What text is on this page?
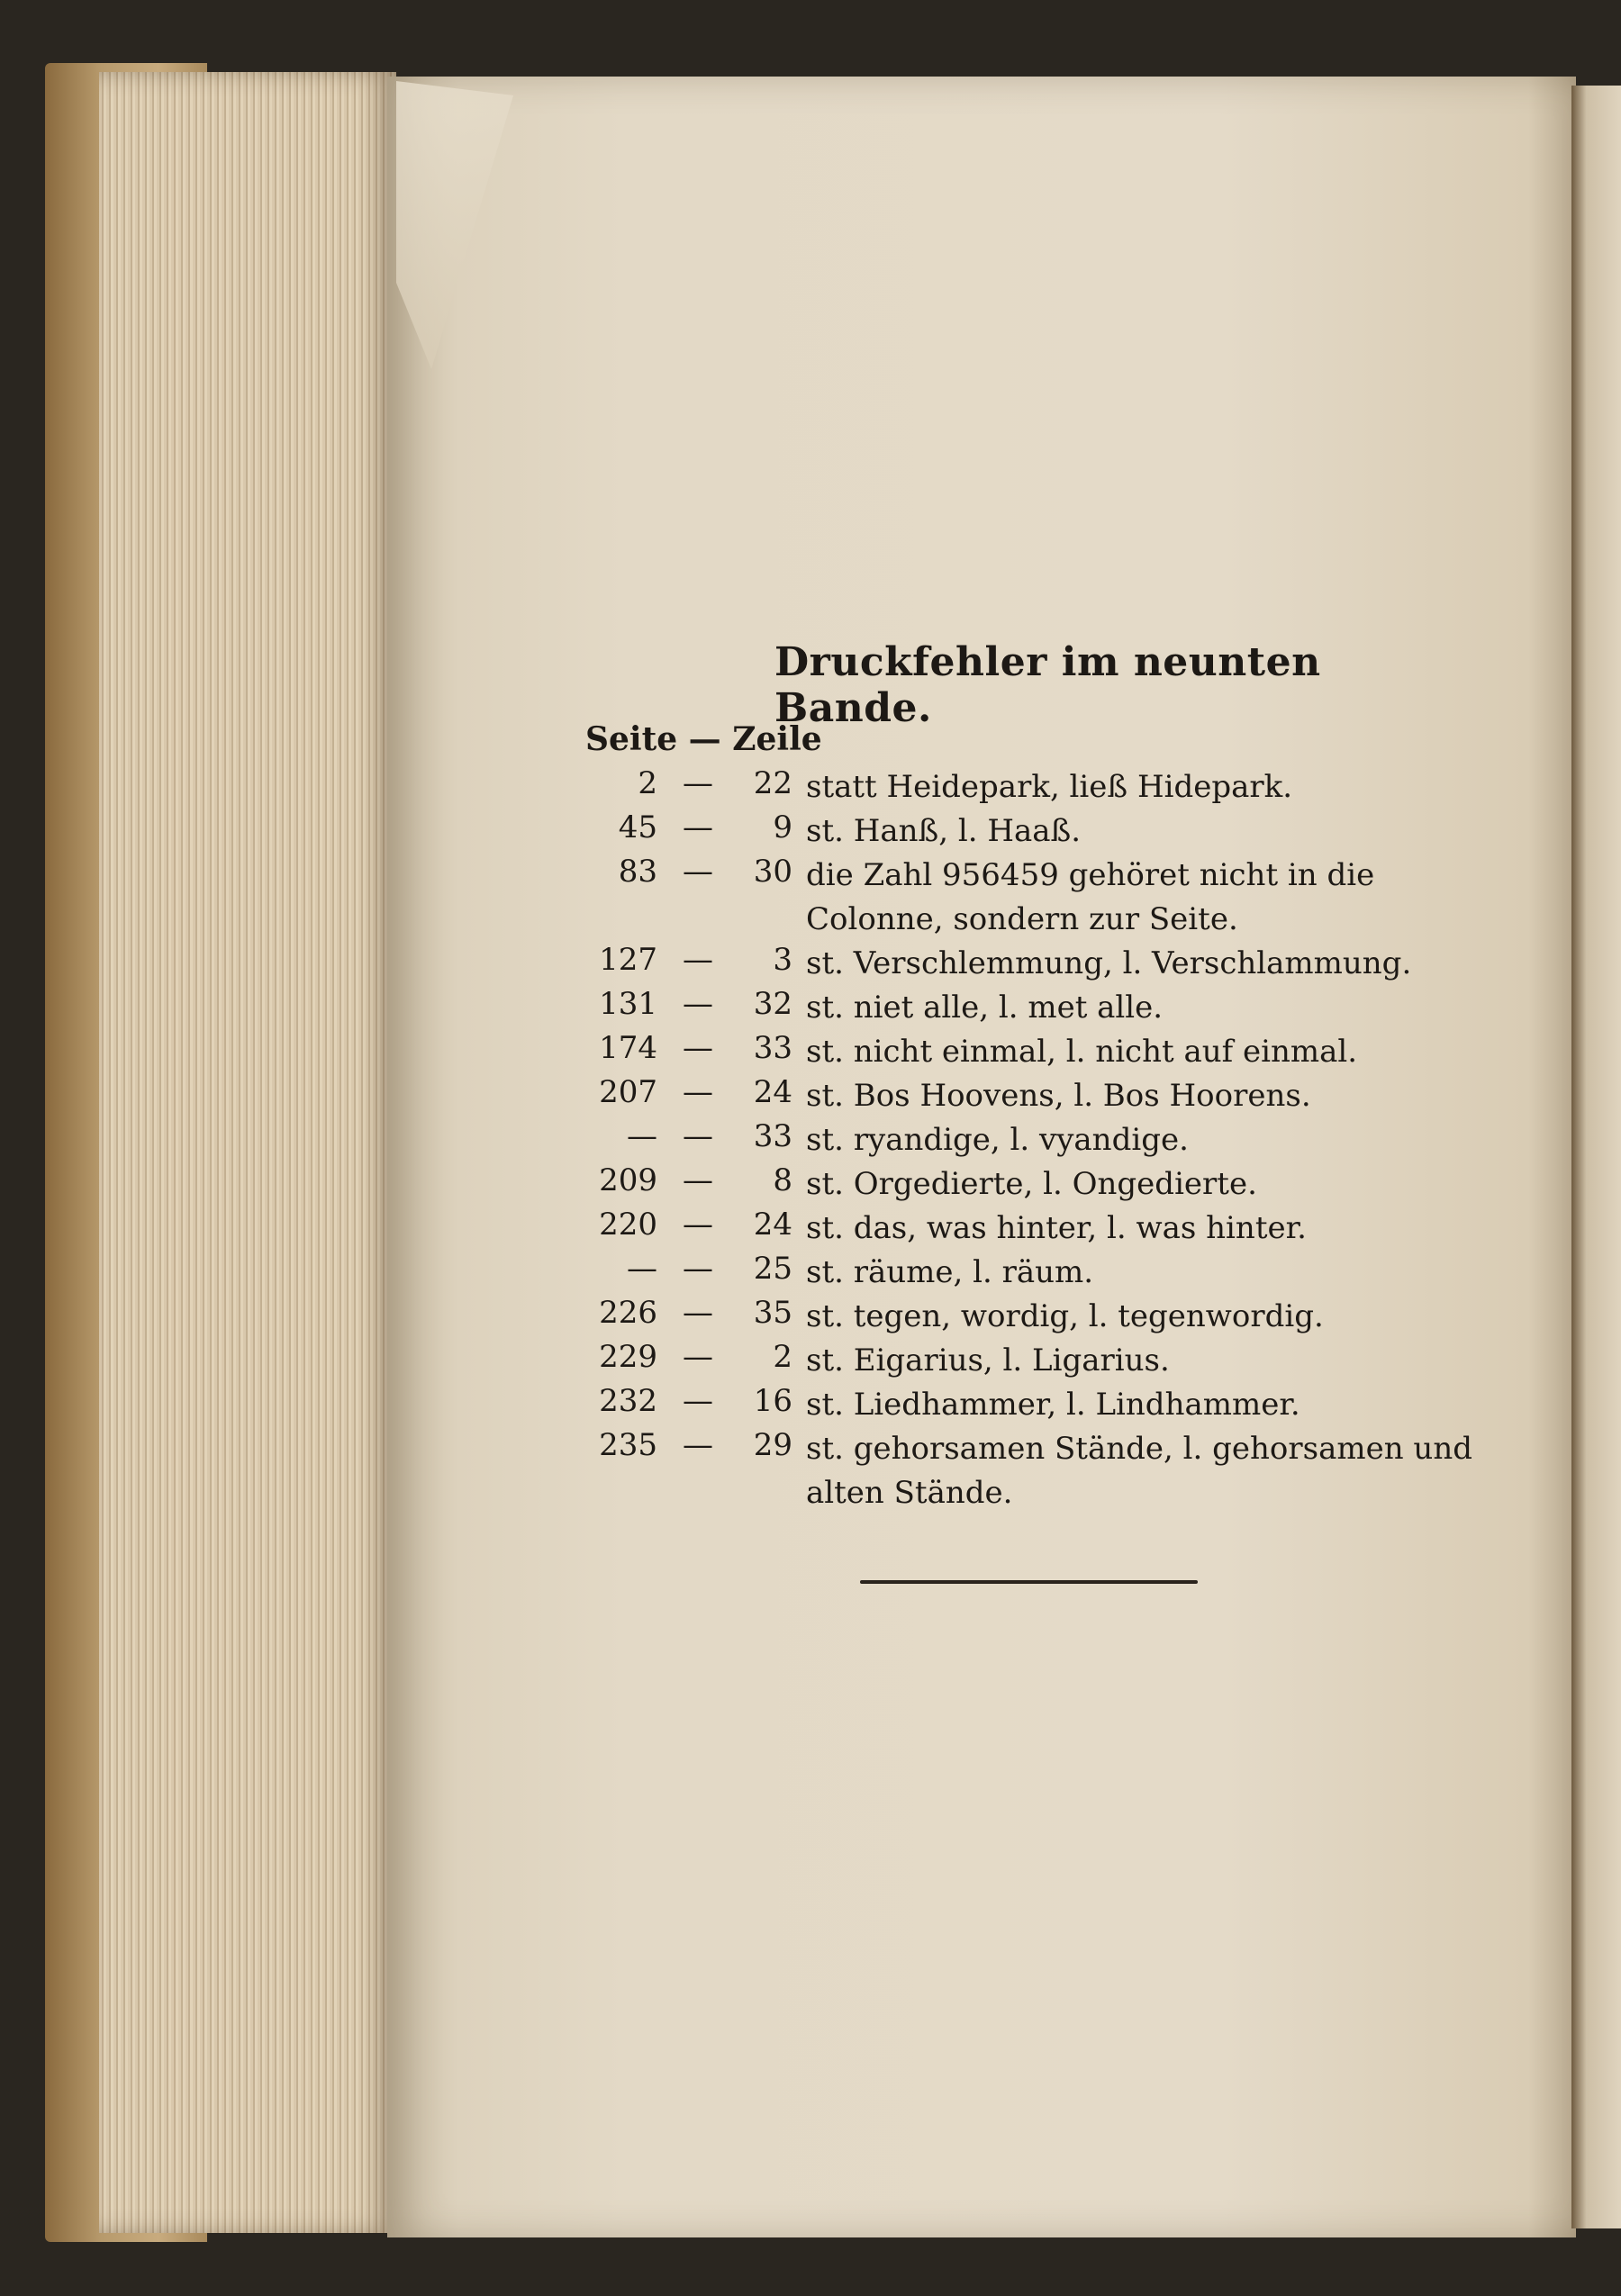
Druckfehler im neunten Bande.
Seite — Zeile
2 —	22 statt Heidepark, ließ Hidepark.
45 —	9 st. Hanß, l. Haaß.
83 —	30 die Zahl 956459 gehöret nicht in die Colonne, sondern zur Seite.
127 —	3 st. Verschlemmung, l. Verschlammung.
131 —	32 st. niet alle, l. met alle.
174 —	33 st. nicht einmal, l. nicht auf einmal.
207 —	24 st. Bos Hoovens, l. Bos Hoorens.
— —	33 st. ryandige, l. vyandige.
209 —	8 st. Orgedierte, l. Ongedierte.
220 —	24 st. das, was hinter, l. was hinter.
— —	25 st. räume, l. räum.
226 —	35 st. tegen, wordig, l. tegenwordig.
229 —	2 st. Eigarius, l. Ligarius.
232 —	16 st. Liedhammer, l. Lindhammer.
235 —	29 st. gehorsamen Stände, l. gehorsamen und alten Stände.
